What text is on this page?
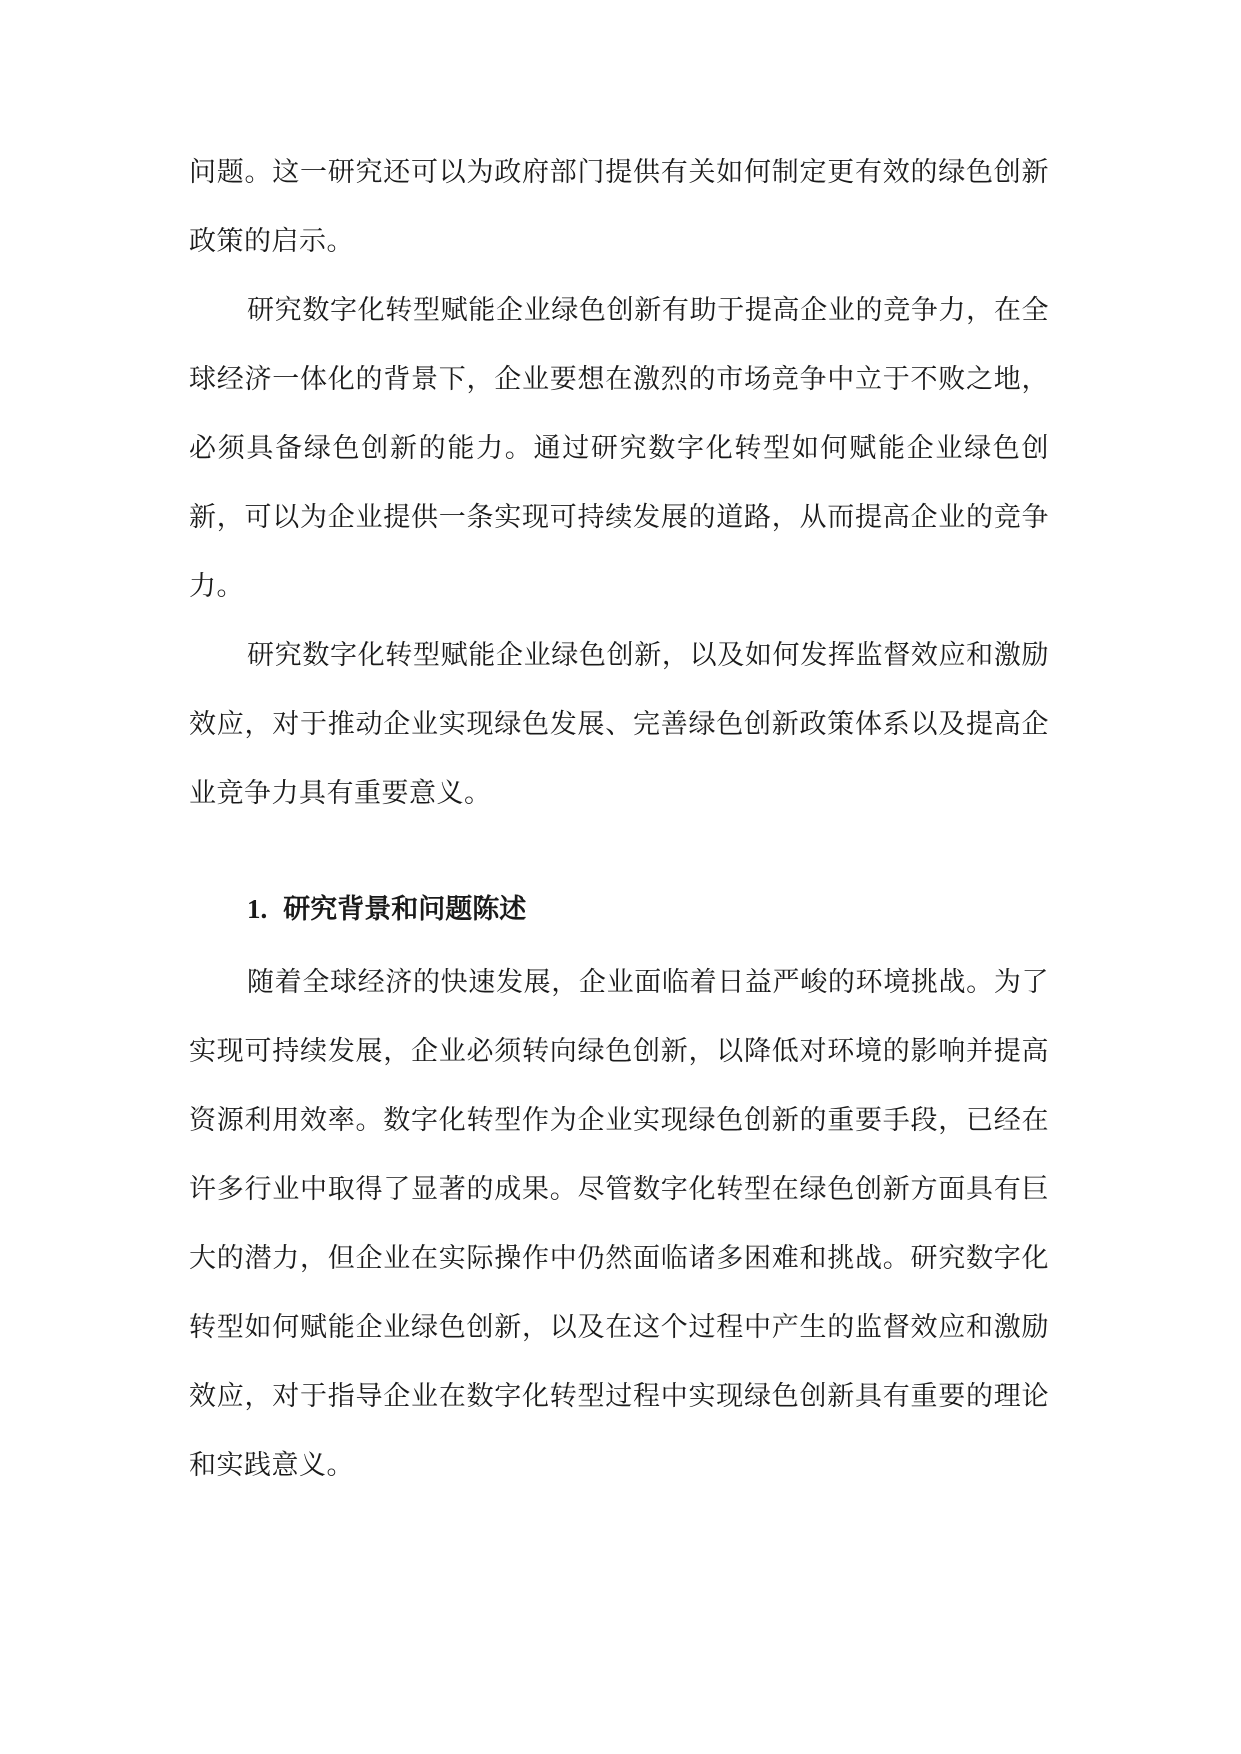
问题。这一研究还可以为政府部门提供有关如何制定更有效的绿色创新政策的启示。

研究数字化转型赋能企业绿色创新有助于提高企业的竞争力，在全球经济一体化的背景下，企业要想在激烈的市场竞争中立于不败之地，必须具备绿色创新的能力。通过研究数字化转型如何赋能企业绿色创新，可以为企业提供一条实现可持续发展的道路，从而提高企业的竞争力。

研究数字化转型赋能企业绿色创新，以及如何发挥监督效应和激励效应，对于推动企业实现绿色发展、完善绿色创新政策体系以及提高企业竞争力具有重要意义。

1. 研究背景和问题陈述

随着全球经济的快速发展，企业面临着日益严峻的环境挑战。为了实现可持续发展，企业必须转向绿色创新，以降低对环境的影响并提高资源利用效率。数字化转型作为企业实现绿色创新的重要手段，已经在许多行业中取得了显著的成果。尽管数字化转型在绿色创新方面具有巨大的潜力，但企业在实际操作中仍然面临诸多困难和挑战。研究数字化转型如何赋能企业绿色创新，以及在这个过程中产生的监督效应和激励效应，对于指导企业在数字化转型过程中实现绿色创新具有重要的理论和实践意义。
